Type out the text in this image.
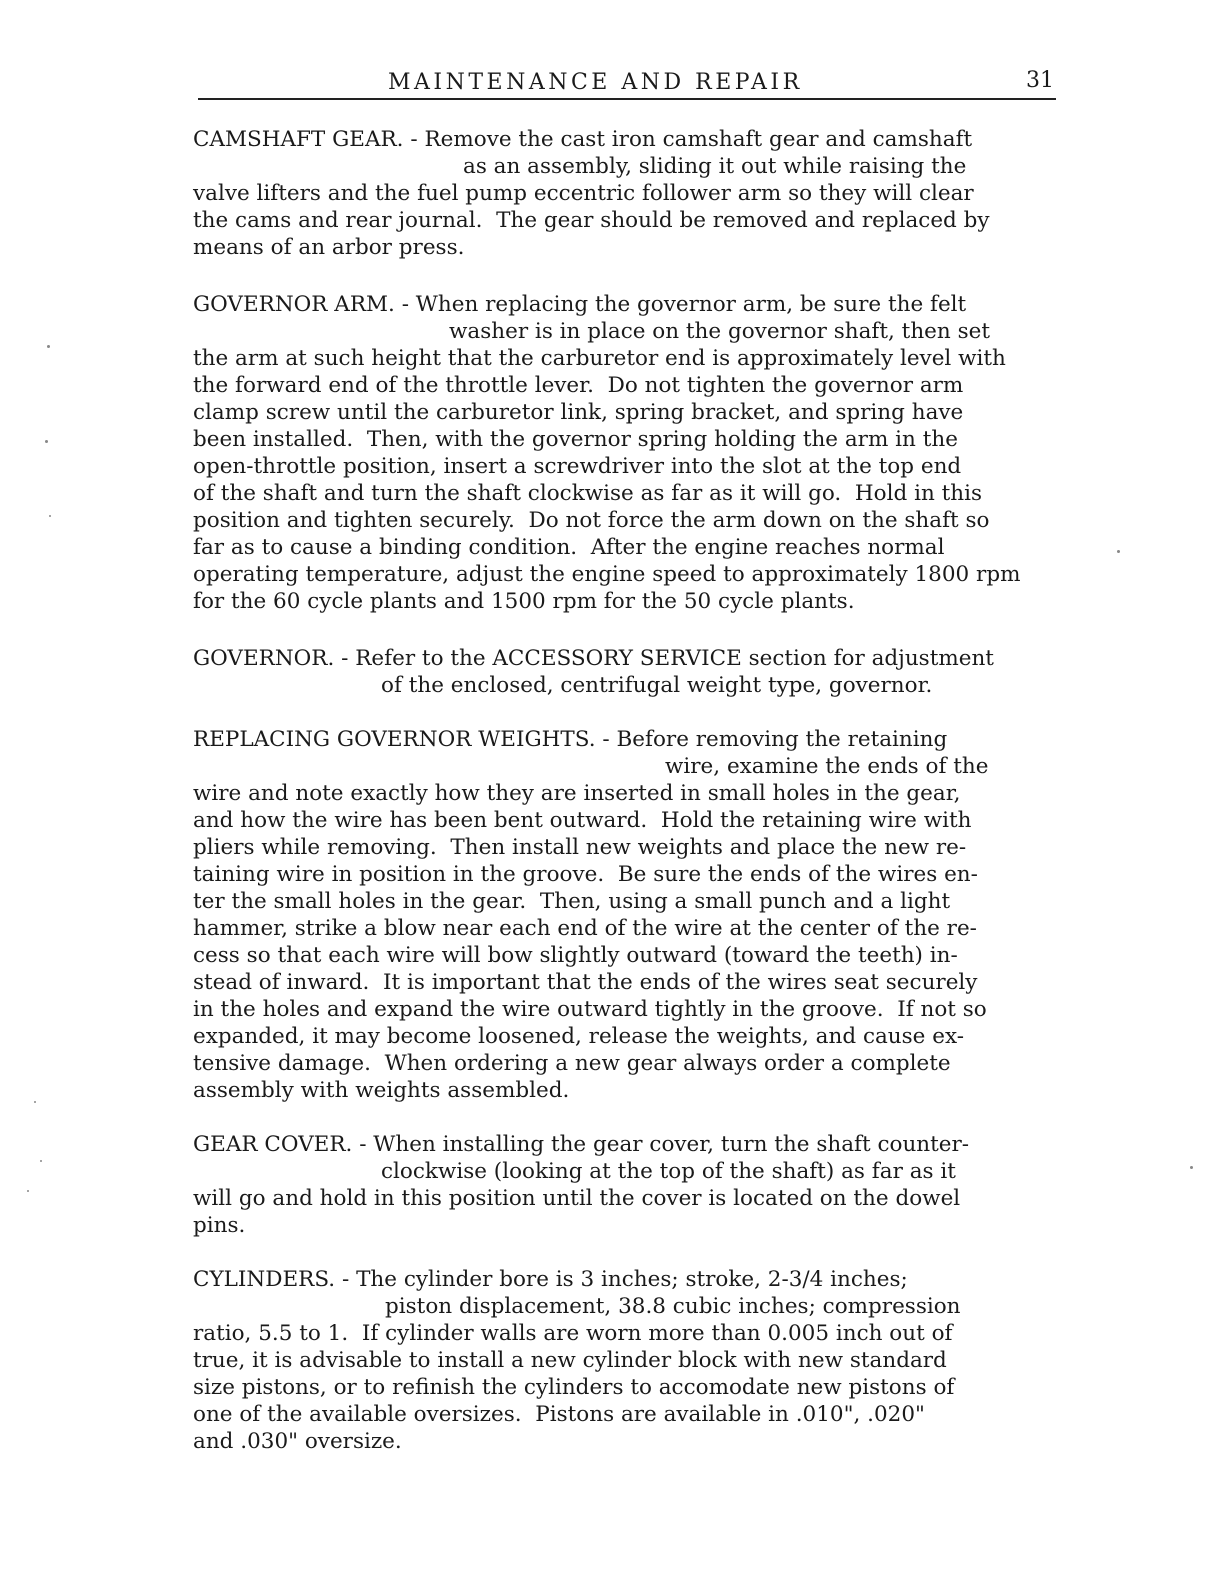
MAINTENANCE AND REPAIR	31
CAMSHAFT GEAR. - Remove the cast iron camshaft gear and camshaft
as an assembly, sliding it out while raising the
valve lifters and the fuel pump eccentric follower arm so they will clear
the cams and rear journal.  The gear should be removed and replaced by
means of an arbor press.
GOVERNOR ARM. - When replacing the governor arm, be sure the felt
washer is in place on the governor shaft, then set
the arm at such height that the carburetor end is approximately level with
the forward end of the throttle lever.  Do not tighten the governor arm
clamp screw until the carburetor link, spring bracket, and spring have
been installed.  Then, with the governor spring holding the arm in the
open-throttle position, insert a screwdriver into the slot at the top end
of the shaft and turn the shaft clockwise as far as it will go.  Hold in this
position and tighten securely.  Do not force the arm down on the shaft so
far as to cause a binding condition.  After the engine reaches normal
operating temperature, adjust the engine speed to approximately 1800 rpm
for the 60 cycle plants and 1500 rpm for the 50 cycle plants.
GOVERNOR. - Refer to the ACCESSORY SERVICE section for adjustment
of the enclosed, centrifugal weight type, governor.
REPLACING GOVERNOR WEIGHTS. - Before removing the retaining
wire, examine the ends of the
wire and note exactly how they are inserted in small holes in the gear,
and how the wire has been bent outward.  Hold the retaining wire with
pliers while removing.  Then install new weights and place the new re-
taining wire in position in the groove.  Be sure the ends of the wires en-
ter the small holes in the gear.  Then, using a small punch and a light
hammer, strike a blow near each end of the wire at the center of the re-
cess so that each wire will bow slightly outward (toward the teeth) in-
stead of inward.  It is important that the ends of the wires seat securely
in the holes and expand the wire outward tightly in the groove.  If not so
expanded, it may become loosened, release the weights, and cause ex-
tensive damage.  When ordering a new gear always order a complete
assembly with weights assembled.
GEAR COVER. - When installing the gear cover, turn the shaft counter-
clockwise (looking at the top of the shaft) as far as it
will go and hold in this position until the cover is located on the dowel
pins.
CYLINDERS. - The cylinder bore is 3 inches; stroke, 2-3/4 inches;
piston displacement, 38.8 cubic inches; compression
ratio, 5.5 to 1.  If cylinder walls are worn more than 0.005 inch out of
true, it is advisable to install a new cylinder block with new standard
size pistons, or to refinish the cylinders to accomodate new pistons of
one of the available oversizes.  Pistons are available in .010", .020"
and .030" oversize.
